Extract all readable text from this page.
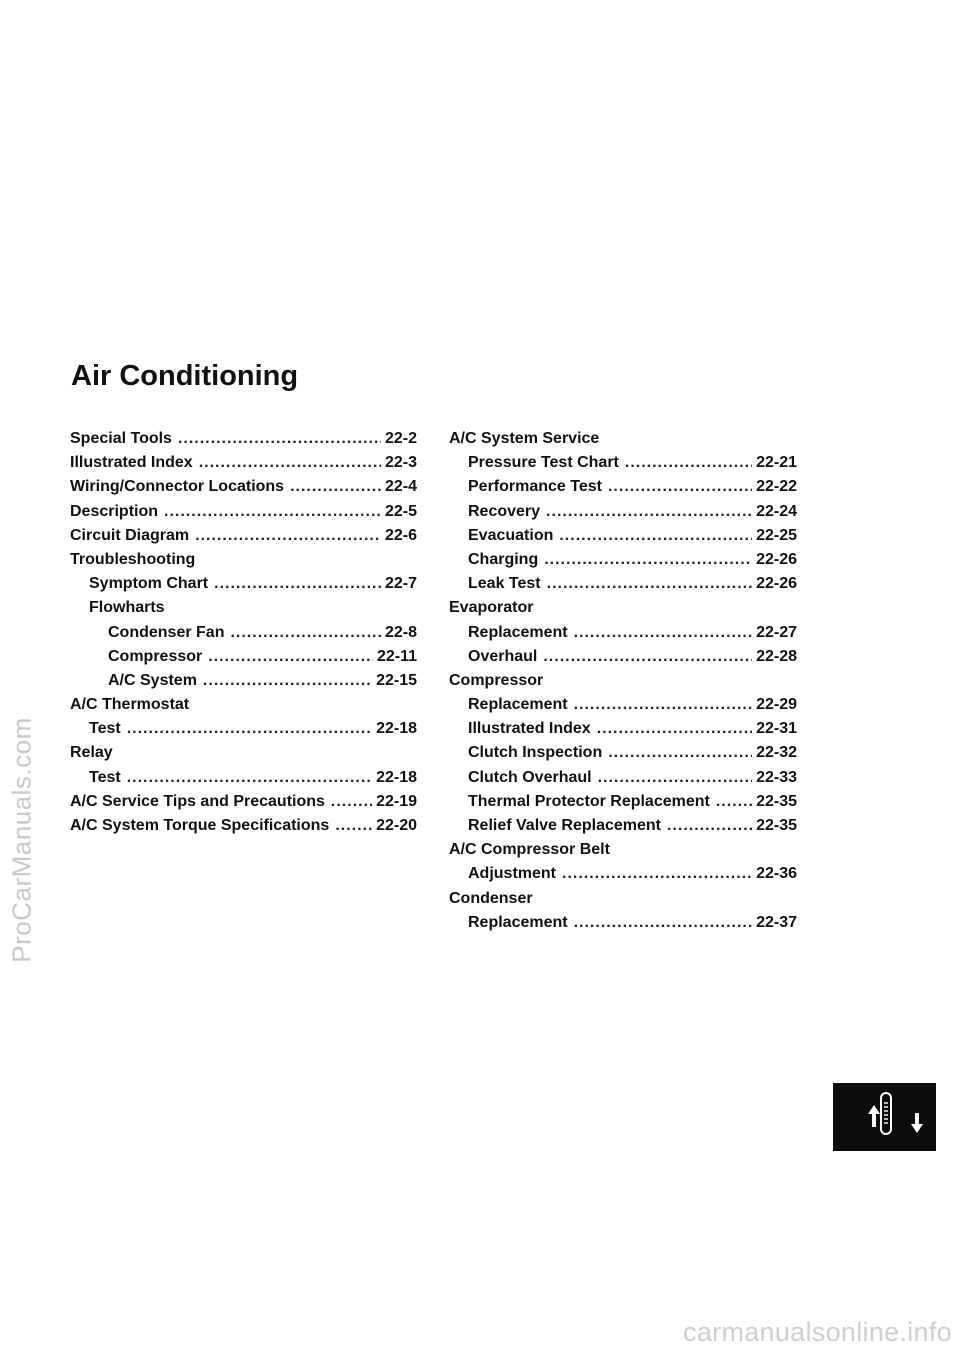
ProCarManuals.com
Air Conditioning
Special Tools .....	22-2
Illustrated Index .....	22-3
Wiring/Connector Locations .....	22-4
Description .....	22-5
Circuit Diagram .....	22-6
Troubleshooting
Symptom Chart .....	22-7
Flowharts
Condenser Fan .....	22-8
Compressor .....	22-11
A/C System .....	22-15
A/C Thermostat
Test .....	22-18
Relay
Test .....	22-18
A/C Service Tips and Precautions .....	22-19
A/C System Torque Specifications .....	22-20
A/C System Service
Pressure Test Chart .....	22-21
Performance Test .....	22-22
Recovery .....	22-24
Evacuation .....	22-25
Charging .....	22-26
Leak Test .....	22-26
Evaporator
Replacement .....	22-27
Overhaul .....	22-28
Compressor
Replacement .....	22-29
Illustrated Index .....	22-31
Clutch Inspection .....	22-32
Clutch Overhaul .....	22-33
Thermal Protector Replacement .....	22-35
Relief Valve Replacement .....	22-35
A/C Compressor Belt
Adjustment .....	22-36
Condenser
Replacement .....	22-37
carmanualsonline.info
